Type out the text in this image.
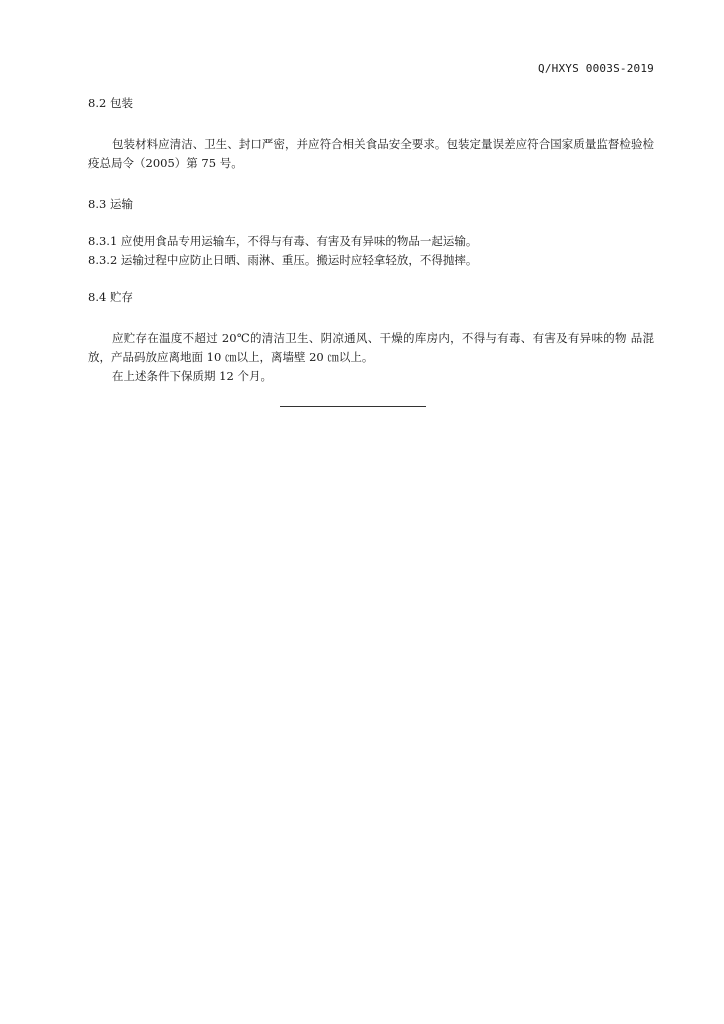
Q/HXYS 0003S-2019

8.2 包装

包装材料应清洁、卫生、封口严密，并应符合相关食品安全要求。包装定量误差应符合国家质量监督检验检疫总局令（2005）第 75 号。

8.3 运输

8.3.1 应使用食品专用运输车，不得与有毒、有害及有异味的物品一起运输。

8.3.2 运输过程中应防止日晒、雨淋、重压。搬运时应轻拿轻放，不得抛摔。

8.4 贮存

应贮存在温度不超过 20℃的清洁卫生、阴凉通风、干燥的库房内，不得与有毒、有害及有异味的物 品混放，产品码放应离地面 10 ㎝以上，离墙壁 20 ㎝以上。

在上述条件下保质期 12 个月。
